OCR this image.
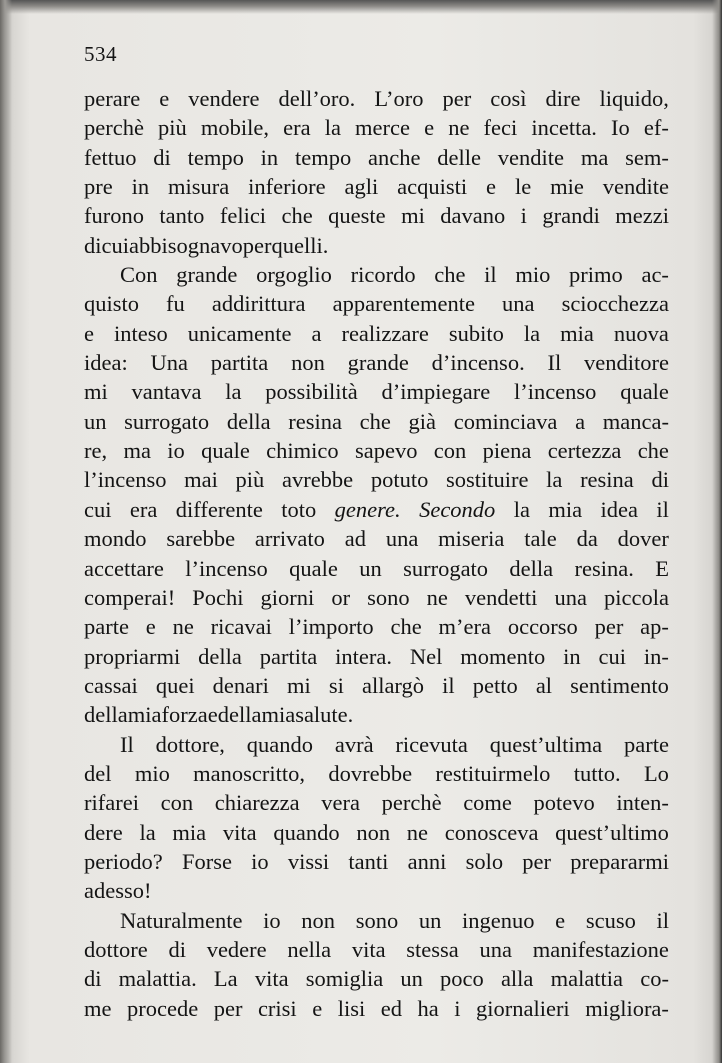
534
perare e vendere dell’oro. L’oro per così dire liquido,
perchè più mobile, era la merce e ne feci incetta. Io ef-
fettuo di tempo in tempo anche delle vendite ma sem-
pre in misura inferiore agli acquisti e le mie vendite
furono tanto felici che queste mi davano i grandi mezzi
di cui abbisognavo per quelli.
Con grande orgoglio ricordo che il mio primo ac-
quisto fu addirittura apparentemente una sciocchezza
e inteso unicamente a realizzare subito la mia nuova
idea: Una partita non grande d’incenso. Il venditore
mi vantava la possibilità d’impiegare l’incenso quale
un surrogato della resina che già cominciava a manca-
re, ma io quale chimico sapevo con piena certezza che
l’incenso mai più avrebbe potuto sostituire la resina di
cui era differente toto genere. Secondo la mia idea il
mondo sarebbe arrivato ad una miseria tale da dover
accettare l’incenso quale un surrogato della resina. E
comperai! Pochi giorni or sono ne vendetti una piccola
parte e ne ricavai l’importo che m’era occorso per ap-
propriarmi della partita intera. Nel momento in cui in-
cassai quei denari mi si allargò il petto al sentimento
della mia forza e della mia salute.
Il dottore, quando avrà ricevuta quest’ultima parte
del mio manoscritto, dovrebbe restituirmelo tutto. Lo
rifarei con chiarezza vera perchè come potevo inten-
dere la mia vita quando non ne conosceva quest’ultimo
periodo? Forse io vissi tanti anni solo per prepararmi
ad esso!
Naturalmente io non sono un ingenuo e scuso il
dottore di vedere nella vita stessa una manifestazione
di malattia. La vita somiglia un poco alla malattia co-
me procede per crisi e lisi ed ha i giornalieri migliora-
